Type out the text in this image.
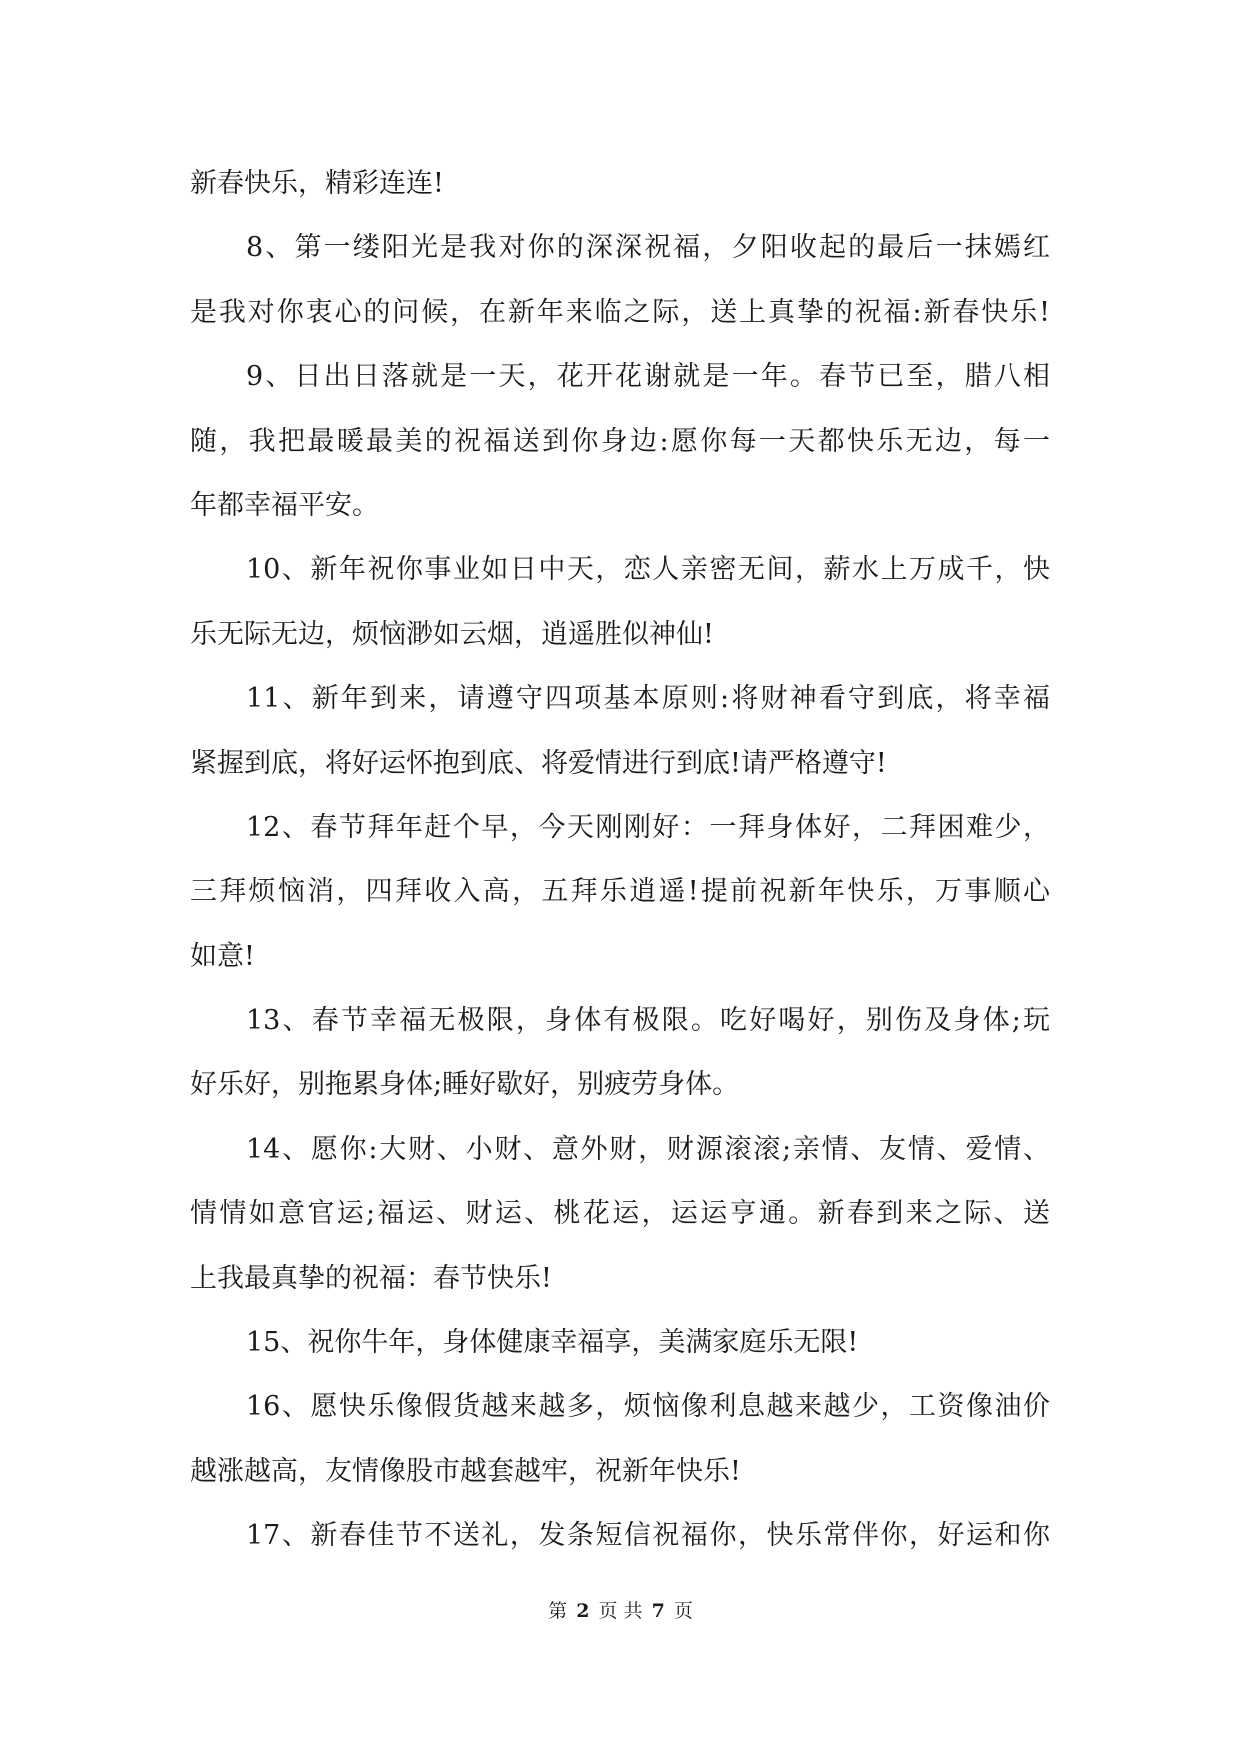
新春快乐，精彩连连!
8、第一缕阳光是我对你的深深祝福，夕阳收起的最后一抹嫣红
是我对你衷心的问候，在新年来临之际，送上真挚的祝福:新春快乐!
9、日出日落就是一天，花开花谢就是一年。春节已至，腊八相
随，我把最暖最美的祝福送到你身边:愿你每一天都快乐无边，每一
年都幸福平安。
10、新年祝你事业如日中天，恋人亲密无间，薪水上万成千，快
乐无际无边，烦恼渺如云烟，逍遥胜似神仙!
11、新年到来，请遵守四项基本原则:将财神看守到底，将幸福
紧握到底，将好运怀抱到底、将爱情进行到底!请严格遵守!
12、春节拜年赶个早，今天刚刚好：一拜身体好，二拜困难少，
三拜烦恼消，四拜收入高，五拜乐逍遥!提前祝新年快乐，万事顺心
如意!
13、春节幸福无极限，身体有极限。吃好喝好，别伤及身体;玩
好乐好，别拖累身体;睡好歇好，别疲劳身体。
14、愿你:大财、小财、意外财，财源滚滚;亲情、友情、爱情、
情情如意官运;福运、财运、桃花运，运运亨通。新春到来之际、送
上我最真挚的祝福：春节快乐!
15、祝你牛年，身体健康幸福享，美满家庭乐无限!
16、愿快乐像假货越来越多，烦恼像利息越来越少，工资像油价
越涨越高，友情像股市越套越牢，祝新年快乐!
17、新春佳节不送礼，发条短信祝福你，快乐常伴你，好运和你
第 2 页 共 7 页
